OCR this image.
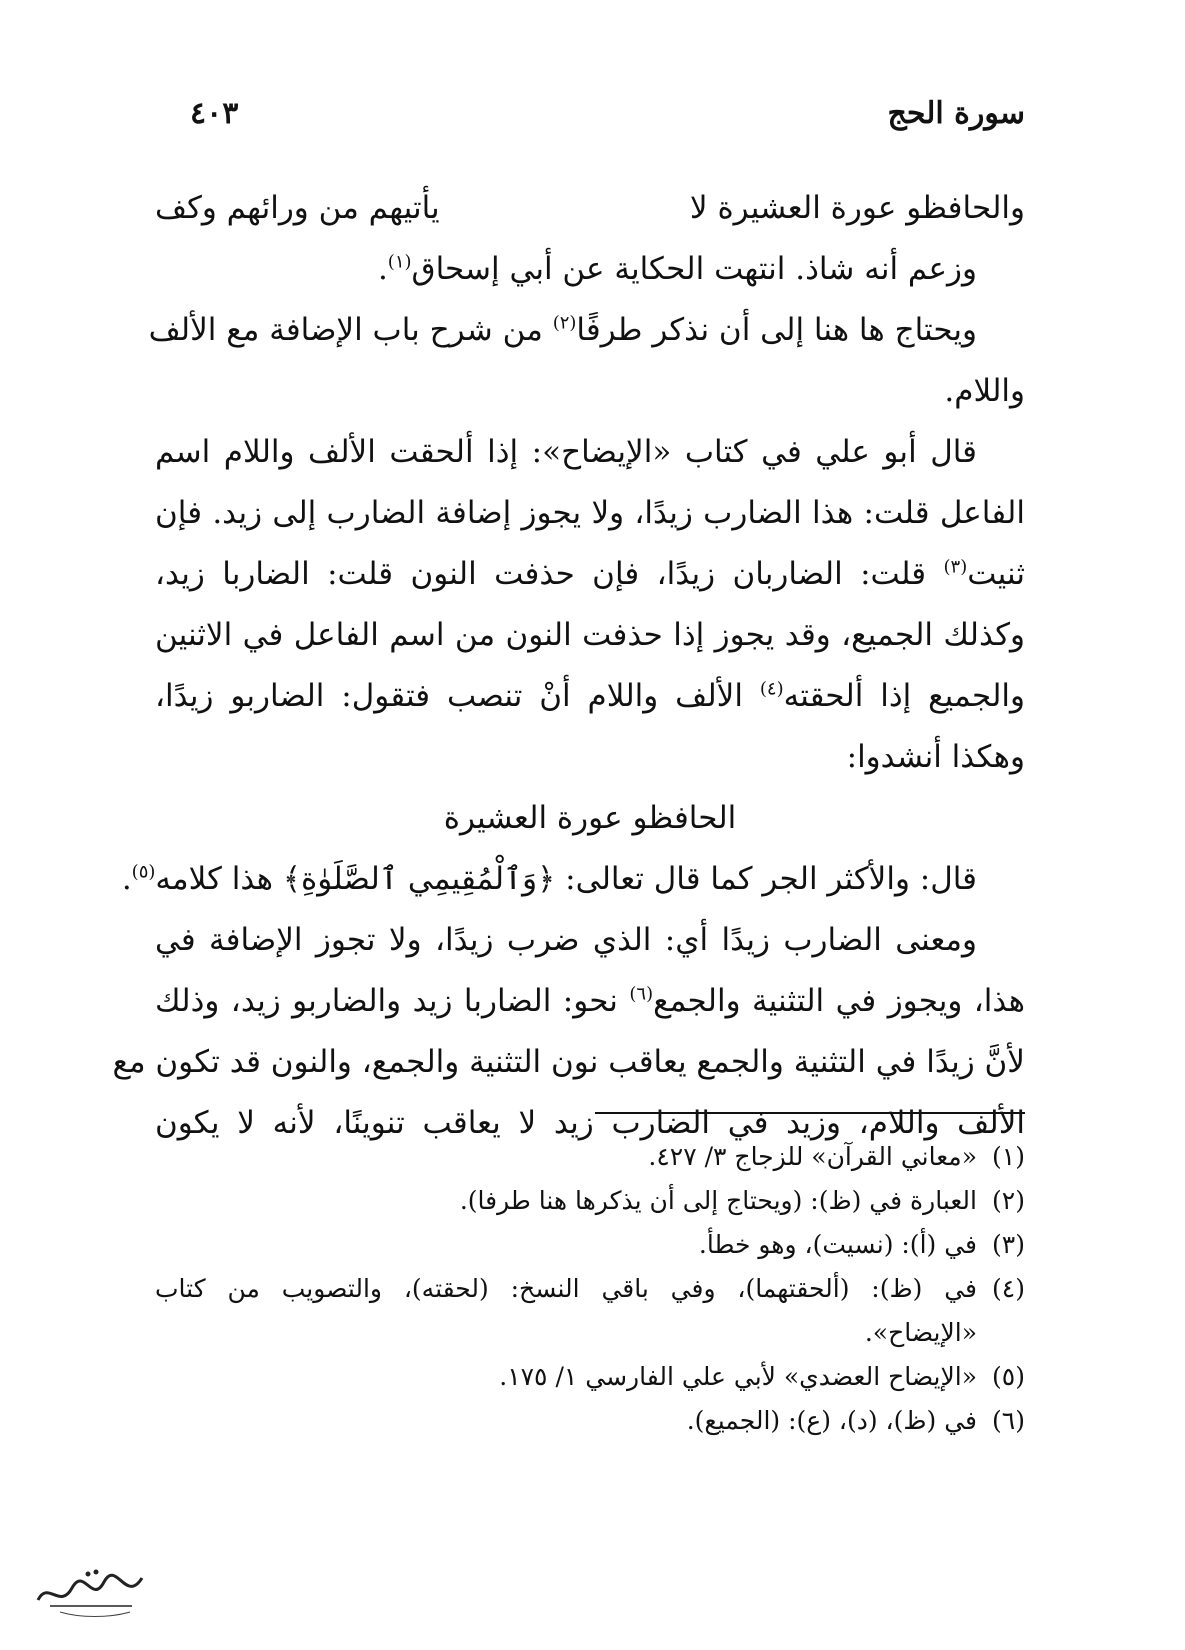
سورة الحج
٤٠٣
والحافظو عورة العشيرة لا
يأتيهم من ورائهم وكف
وزعم أنه شاذ. انتهت الحكاية عن أبي إسحاق$^{(١)}$.
ويحتاج ها هنا إلى أن نذكر طرفًا$^{(٢)}$ من شرح باب الإضافة مع الألف
واللام.
قال أبو علي في كتاب «الإيضاح»: إذا ألحقت الألف واللام اسم
الفاعل قلت: هذا الضارب زيدًا، ولا يجوز إضافة الضارب إلى زيد. فإن
ثنيت$^{(٣)}$ قلت: الضاربان زيدًا، فإن حذفت النون قلت: الضاربا زيد،
وكذلك الجميع، وقد يجوز إذا حذفت النون من اسم الفاعل في الاثنين
والجميع إذا ألحقته$^{(٤)}$ الألف واللام أنْ تنصب فتقول: الضاربو زيدًا،
وهكذا أنشدوا:
الحافظو عورة العشيرة
قال: والأكثر الجر كما قال تعالى: ﴿وَٱلْمُقِيمِي ٱلصَّلَوٰةِ﴾ هذا كلامه$^{(٥)}$.
ومعنى الضارب زيدًا أي: الذي ضرب زيدًا، ولا تجوز الإضافة في
هذا، ويجوز في التثنية والجمع$^{(٦)}$ نحو: الضاربا زيد والضاربو زيد، وذلك
لأنَّ زيدًا في التثنية والجمع يعاقب نون التثنية والجمع، والنون قد تكون مع
الألف واللام، وزيد في الضارب زيد لا يعاقب تنوينًا، لأنه لا يكون
(١)«معاني القرآن» للزجاج ٣/ ٤٢٧.
(٢)العبارة في (ظ): (ويحتاج إلى أن يذكرها هنا طرفا).
(٣)في (أ): (نسيت)، وهو خطأ.
(٤)في (ظ): (ألحقتهما)، وفي باقي النسخ: (لحقته)، والتصويب من كتاب
«الإيضاح».
(٥)«الإيضاح العضدي» لأبي علي الفارسي ١/ ١٧٥.
(٦)في (ظ)، (د)، (ع): (الجميع).
